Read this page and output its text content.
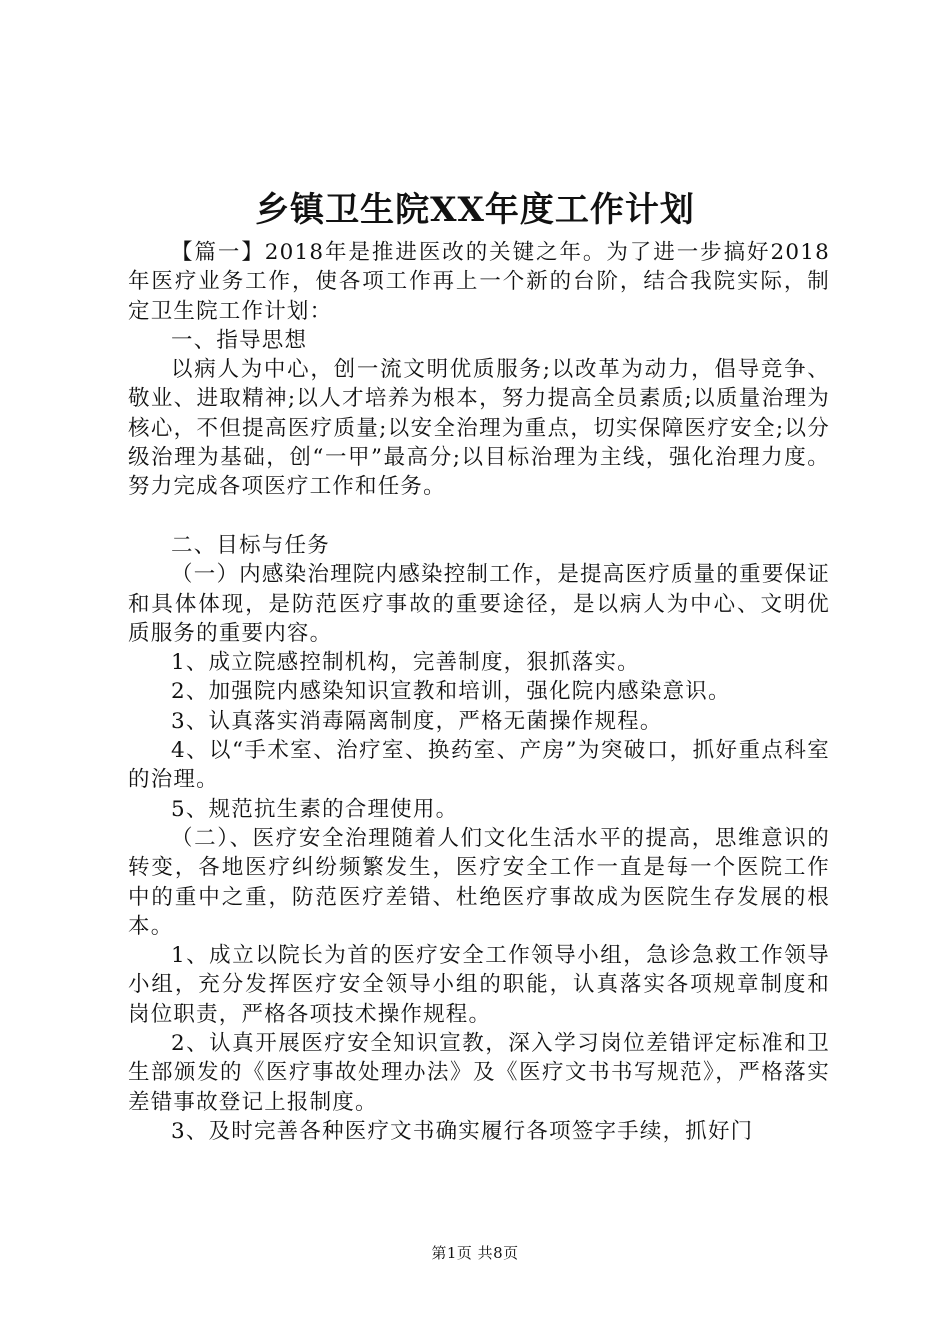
乡镇卫生院XX年度工作计划

【篇一】2018年是推进医改的关键之年。为了进一步搞好2018年医疗业务工作，使各项工作再上一个新的台阶，结合我院实际，制定卫生院工作计划：

一、指导思想

以病人为中心，创一流文明优质服务;以改革为动力，倡导竞争、敬业、进取精神;以人才培养为根本，努力提高全员素质;以质量治理为核心，不但提高医疗质量;以安全治理为重点，切实保障医疗安全;以分级治理为基础，创“一甲”最高分;以目标治理为主线，强化治理力度。努力完成各项医疗工作和任务。

二、目标与任务

（一）内感染治理院内感染控制工作，是提高医疗质量的重要保证和具体体现，是防范医疗事故的重要途径，是以病人为中心、文明优质服务的重要内容。

1、成立院感控制机构，完善制度，狠抓落实。

2、加强院内感染知识宣教和培训，强化院内感染意识。

3、认真落实消毒隔离制度，严格无菌操作规程。

4、以“手术室、治疗室、换药室、产房”为突破口，抓好重点科室的治理。

5、规范抗生素的合理使用。

（二）、医疗安全治理随着人们文化生活水平的提高，思维意识的转变，各地医疗纠纷频繁发生，医疗安全工作一直是每一个医院工作中的重中之重，防范医疗差错、杜绝医疗事故成为医院生存发展的根本。

1、成立以院长为首的医疗安全工作领导小组，急诊急救工作领导小组，充分发挥医疗安全领导小组的职能，认真落实各项规章制度和岗位职责，严格各项技术操作规程。

2、认真开展医疗安全知识宣教，深入学习岗位差错评定标准和卫生部颁发的《医疗事故处理办法》及《医疗文书书写规范》，严格落实差错事故登记上报制度。

3、及时完善各种医疗文书确实履行各项签字手续，抓好门

第1页 共8页
